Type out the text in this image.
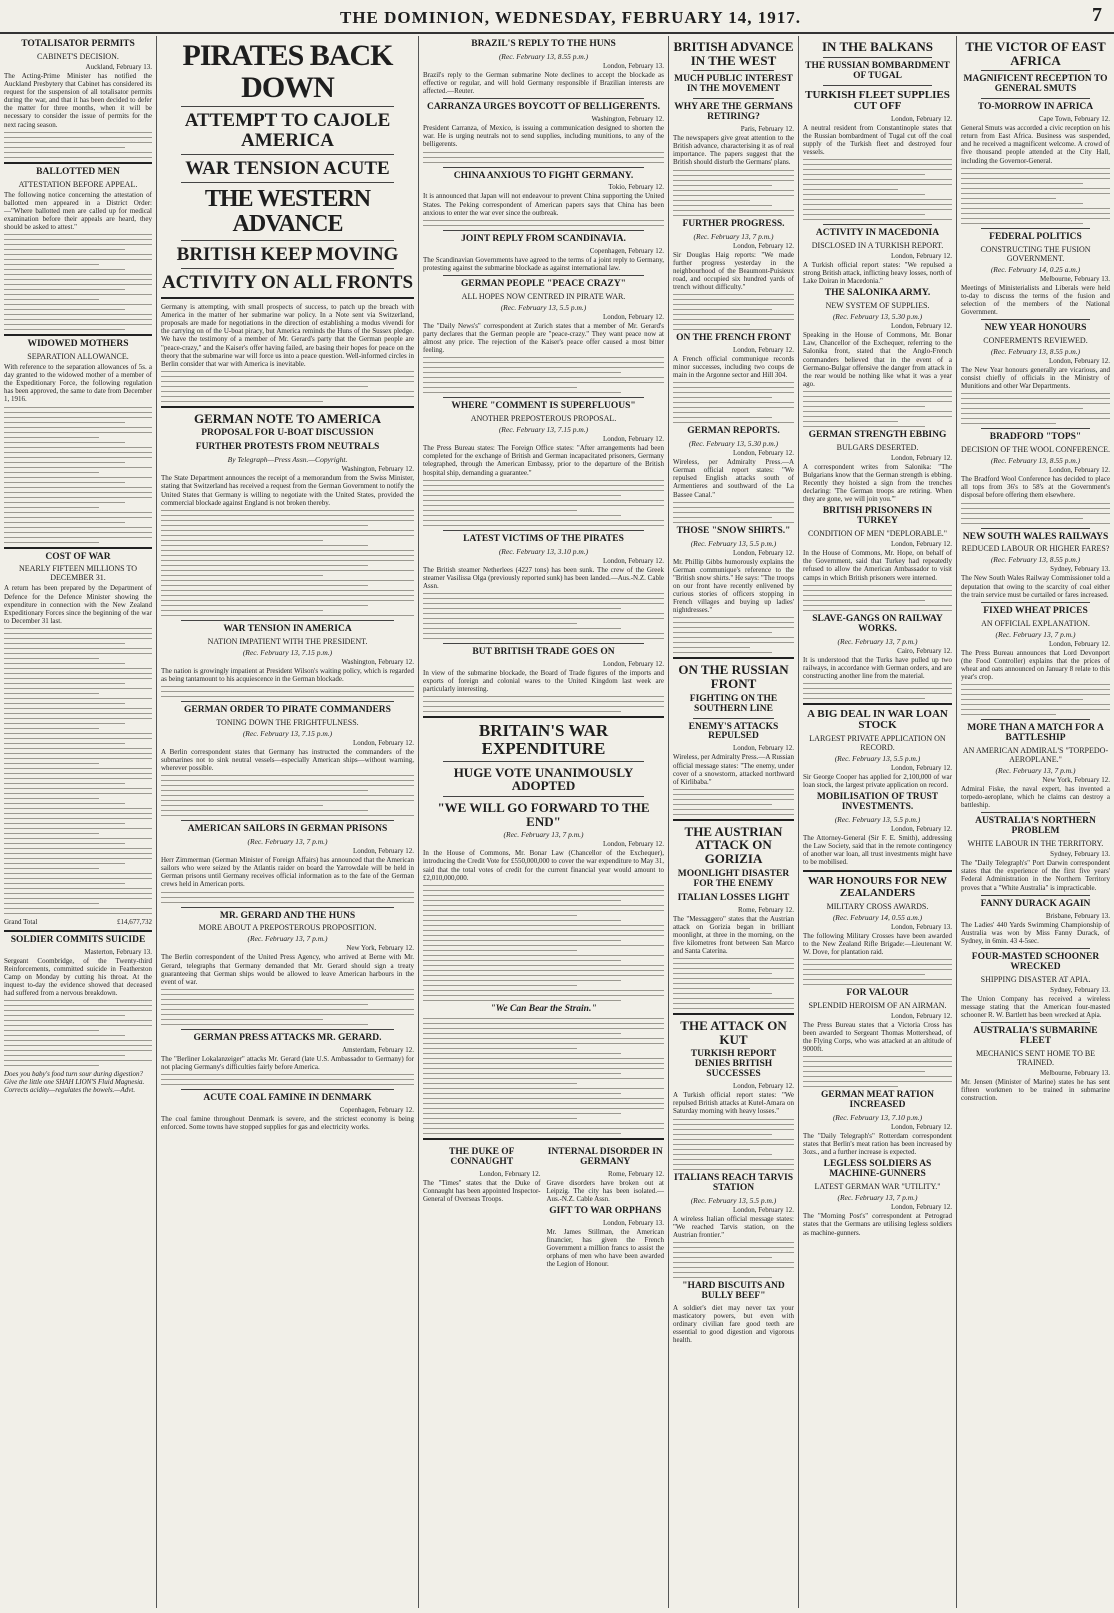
THE DOMINION, WEDNESDAY, FEBRUARY 14, 1917.	7
TOTALISATOR PERMITS
CABINET'S DECISION.
Auckland, February 13.

The Acting-Prime Minister has notified the Auckland Presbytery that Cabinet has considered its request for the suspension of all totalisator permits during the war, and that it has been decided to defer the matter for three months, when it will be necessary to consider the issue of permits for the next racing season.

BALLOTTED MEN
ATTESTATION BEFORE APPEAL.

The following notice concerning the attestation of ballotted men appeared in a District Order:—"Where ballotted men are called up for medical examination before their appeals are heard, they should be asked to attest."

WIDOWED MOTHERS
SEPARATION ALLOWANCE.

With reference to the separation allowances of 5s. a day granted to the widowed mother of a member of the Expeditionary Force, the following regulation has been approved, the same to date from December 1, 1916.

COST OF WAR
NEARLY FIFTEEN MILLIONS TO DECEMBER 31.

A return has been prepared by the Department of Defence for the Defence Minister showing the expenditure in connection with the New Zealand Expeditionary Forces since the beginning of the war to December 31 last.

Grand Total	£14,677,732
SOLDIER COMMITS SUICIDE
Masterton, February 13.

Sergeant Coombridge, of the Twenty-third Reinforcements, committed suicide in Featherston Camp on Monday by cutting his throat. At the inquest to-day the evidence showed that deceased had suffered from a nervous breakdown.

Does you baby's food turn sour during digestion? Give the little one SHAH LION'S Fluid Magnesia. Corrects acidity—regulates the bowels.—Advt.

PIRATES BACK DOWN
ATTEMPT TO CAJOLE AMERICA
WAR TENSION ACUTE
THE WESTERN ADVANCE
BRITISH KEEP MOVING
ACTIVITY ON ALL FRONTS

Germany is attempting, with small prospects of success, to patch up the breach with America in the matter of her submarine war policy. In a Note sent via Switzerland, proposals are made for negotiations in the direction of establishing a modus vivendi for the carrying on of the U-boat piracy, but America reminds the Huns of the Sussex pledge. We have the testimony of a member of Mr. Gerard's party that the German people are "peace-crazy," and the Kaiser's offer having failed, are basing their hopes for peace on the theory that the submarine war will force us into a peace question. Well-informed circles in Berlin consider that war with America is inevitable.

GERMAN NOTE TO AMERICA
PROPOSAL FOR U-BOAT DISCUSSION
FURTHER PROTESTS FROM NEUTRALS
By Telegraph—Press Assn.—Copyright.
Washington, February 12.

The State Department announces the receipt of a memorandum from the Swiss Minister, stating that Switzerland has received a request from the German Government to notify the United States that Germany is willing to negotiate with the United States, provided the commercial blockade against England is not broken thereby.

WAR TENSION IN AMERICA
NATION IMPATIENT WITH THE PRESIDENT.
(Rec. February 13, 7.15 p.m.)
Washington, February 12.

The nation is growingly impatient at President Wilson's waiting policy, which is regarded as being tantamount to his acquiescence in the German blockade.

GERMAN ORDER TO PIRATE COMMANDERS
TONING DOWN THE FRIGHTFULNESS.
(Rec. February 13, 7.15 p.m.)
London, February 12.

A Berlin correspondent states that Germany has instructed the commanders of the submarines not to sink neutral vessels—especially American ships—without warning, wherever possible.

AMERICAN SAILORS IN GERMAN PRISONS
(Rec. February 13, 7 p.m.)
London, February 12.

Herr Zimmerman (German Minister of Foreign Affairs) has announced that the American sailors who were seized by the Atlantis raider on board the Yarrowdale will be held in German prisons until Germany receives official information as to the fate of the German crews held in American ports.

MR. GERARD AND THE HUNS
MORE ABOUT A PREPOSTEROUS PROPOSITION.
(Rec. February 13, 7 p.m.)
New York, February 12.

The Berlin correspondent of the United Press Agency, who arrived at Berne with Mr. Gerard, telegraphs that Germany demanded that Mr. Gerard should sign a treaty guaranteeing that German ships would be allowed to leave American harbours in the event of war.

GERMAN PRESS ATTACKS MR. GERARD.
Amsterdam, February 12.

The "Berliner Lokalanzeiger" attacks Mr. Gerard (late U.S. Ambassador to Germany) for not placing Germany's difficulties fairly before America.

ACUTE COAL FAMINE IN DENMARK
Copenhagen, February 12.

The coal famine throughout Denmark is severe, and the strictest economy is being enforced. Some towns have stopped supplies for gas and electricity works.

BRAZIL'S REPLY TO THE HUNS
(Rec. February 13, 8.55 p.m.)
London, February 13.

Brazil's reply to the German submarine Note declines to accept the blockade as effective or regular, and will hold Germany responsible if Brazilian interests are affected.—Reuter.

CARRANZA URGES BOYCOTT OF BELLIGERENTS.
Washington, February 12.

President Carranza, of Mexico, is issuing a communication designed to shorten the war. He is urging neutrals not to send supplies, including munitions, to any of the belligerents.

CHINA ANXIOUS TO FIGHT GERMANY.
Tokio, February 12.

It is announced that Japan will not endeavour to prevent China supporting the United States. The Peking correspondent of American papers says that China has been anxious to enter the war ever since the outbreak.

JOINT REPLY FROM SCANDINAVIA.
Copenhagen, February 12.

The Scandinavian Governments have agreed to the terms of a joint reply to Germany, protesting against the submarine blockade as against international law.

GERMAN PEOPLE "PEACE CRAZY"
ALL HOPES NOW CENTRED IN PIRATE WAR.
(Rec. February 13, 5.5 p.m.)
London, February 12.

The "Daily News's" correspondent at Zurich states that a member of Mr. Gerard's party declares that the German people are "peace-crazy." They want peace now at almost any price. The rejection of the Kaiser's peace offer caused a most bitter feeling.

WHERE "COMMENT IS SUPERFLUOUS"
ANOTHER PREPOSTEROUS PROPOSAL.
(Rec. February 13, 7.15 p.m.)
London, February 12.

The Press Bureau states: The Foreign Office states: "After arrangements had been completed for the exchange of British and German incapacitated prisoners, Germany telegraphed, through the American Embassy, prior to the departure of the British hospital ship, demanding a guarantee."

LATEST VICTIMS OF THE PIRATES
(Rec. February 13, 3.10 p.m.)
London, February 12.

The British steamer Netherlees (4227 tons) has been sunk. The crew of the Greek steamer Vasilissa Olga (previously reported sunk) has been landed.—Aus.-N.Z. Cable Assn.

BUT BRITISH TRADE GOES ON
London, February 12.

In view of the submarine blockade, the Board of Trade figures of the imports and exports of foreign and colonial wares to the United Kingdom last week are particularly interesting.

BRITAIN'S WAR EXPENDITURE
HUGE VOTE UNANIMOUSLY ADOPTED
"WE WILL GO FORWARD TO THE END"
(Rec. February 13, 7 p.m.)
London, February 12.

In the House of Commons, Mr. Bonar Law (Chancellor of the Exchequer), introducing the Credit Vote for £550,000,000 to cover the war expenditure to May 31, said that the total votes of credit for the current financial year would amount to £2,010,000,000.

"We Can Bear the Strain."
THE DUKE OF CONNAUGHT
London, February 12.

The "Times" states that the Duke of Connaught has been appointed Inspector-General of Overseas Troops.

INTERNAL DISORDER IN GERMANY
Rome, February 12.

Grave disorders have broken out at Leipzig. The city has been isolated.—Aus.-N.Z. Cable Assn.

GIFT TO WAR ORPHANS
London, February 13.

Mr. James Stillman, the American financier, has given the French Government a million francs to assist the orphans of men who have been awarded the Legion of Honour.

BRITISH ADVANCE IN THE WEST
MUCH PUBLIC INTEREST IN THE MOVEMENT
WHY ARE THE GERMANS RETIRING?
Paris, February 12.

The newspapers give great attention to the British advance, characterising it as of real importance. The papers suggest that the British should disturb the Germans' plans.

FURTHER PROGRESS.
(Rec. February 13, 7 p.m.)
London, February 12.

Sir Douglas Haig reports: "We made further progress yesterday in the neighbourhood of the Beaumont-Puisieux road, and occupied six hundred yards of trench without difficulty."

ON THE FRENCH FRONT
London, February 12.

A French official communique records minor successes, including two coups de main in the Argonne sector and Hill 304.

GERMAN REPORTS.
(Rec. February 13, 5.30 p.m.)
London, February 12.

Wireless, per Admiralty Press.—A German official report states: "We repulsed English attacks south of Armentieres and southward of the La Bassee Canal."

THOSE "SNOW SHIRTS."
(Rec. February 13, 5.5 p.m.)
London, February 12.

Mr. Phillip Gibbs humorously explains the German communique's reference to the "British snow shirts." He says: "The troops on our front have recently enlivened by curious stories of officers stopping in French villages and buying up ladies' nightdresses."

ON THE RUSSIAN FRONT
FIGHTING ON THE SOUTHERN LINE
ENEMY'S ATTACKS REPULSED
London, February 12.

Wireless, per Admiralty Press.—A Russian official message states: "The enemy, under cover of a snowstorm, attacked northward of Kirlibaba."

THE AUSTRIAN ATTACK ON GORIZIA
MOONLIGHT DISASTER FOR THE ENEMY
ITALIAN LOSSES LIGHT
Rome, February 12.

The "Messaggero" states that the Austrian attack on Gorizia began in brilliant moonlight, at three in the morning, on the five kilometres front between San Marco and Santa Caterina.

THE ATTACK ON KUT
TURKISH REPORT DENIES BRITISH SUCCESSES
London, February 12.

A Turkish official report states: "We repulsed British attacks at Kutel-Amara on Saturday morning with heavy losses."

ITALIANS REACH TARVIS STATION
(Rec. February 13, 5.5 p.m.)
London, February 12.

A wireless Italian official message states: "We reached Tarvis station, on the Austrian frontier."

"HARD BISCUITS AND BULLY BEEF"

A soldier's diet may never tax your masticatory powers, but even with ordinary civilian fare good teeth are essential to good digestion and vigorous health.

IN THE BALKANS
THE RUSSIAN BOMBARDMENT OF TUGAL
TURKISH FLEET SUPPLIES CUT OFF
London, February 12.

A neutral resident from Constantinople states that the Russian bombardment of Tugal cut off the coal supply of the Turkish fleet and destroyed four vessels.

ACTIVITY IN MACEDONIA
DISCLOSED IN A TURKISH REPORT.
London, February 12.

A Turkish official report states: "We repulsed a strong British attack, inflicting heavy losses, north of Lake Doiran in Macedonia."

THE SALONIKA ARMY.
NEW SYSTEM OF SUPPLIES.
(Rec. February 13, 5.30 p.m.)
London, February 12.

Speaking in the House of Commons, Mr. Bonar Law, Chancellor of the Exchequer, referring to the Salonika front, stated that the Anglo-French commanders believed that in the event of a Germano-Bulgar offensive the danger from attack in the rear would be nothing like what it was a year ago.

GERMAN STRENGTH EBBING
BULGARS DESERTED.
London, February 12.

A correspondent writes from Salonika: "The Bulgarians know that the German strength is ebbing. Recently they hoisted a sign from the trenches declaring: 'The German troops are retiring. When they are gone, we will join you.'"

BRITISH PRISONERS IN TURKEY
CONDITION OF MEN "DEPLORABLE."
London, February 12.

In the House of Commons, Mr. Hope, on behalf of the Government, said that Turkey had repeatedly refused to allow the American Ambassador to visit camps in which British prisoners were interned.

SLAVE-GANGS ON RAILWAY WORKS.
(Rec. February 13, 7 p.m.)
Cairo, February 12.

It is understood that the Turks have pulled up two railways, in accordance with German orders, and are constructing another line from the material.

A BIG DEAL IN WAR LOAN STOCK
LARGEST PRIVATE APPLICATION ON RECORD.
(Rec. February 13, 5.5 p.m.)
London, February 12.

Sir George Cooper has applied for 2,100,000 of war loan stock, the largest private application on record.

MOBILISATION OF TRUST INVESTMENTS.
(Rec. February 13, 5.5 p.m.)
London, February 12.

The Attorney-General (Sir F. E. Smith), addressing the Law Society, said that in the remote contingency of another war loan, all trust investments might have to be mobilised.

WAR HONOURS FOR NEW ZEALANDERS
MILITARY CROSS AWARDS.
(Rec. February 14, 0.55 a.m.)
London, February 13.

The following Military Crosses have been awarded to the New Zealand Rifle Brigade:—Lieutenant W. W. Dove, for plantation raid.

FOR VALOUR
SPLENDID HEROISM OF AN AIRMAN.
London, February 12.

The Press Bureau states that a Victoria Cross has been awarded to Sergeant Thomas Mottershead, of the Flying Corps, who was attacked at an altitude of 9000ft.

GERMAN MEAT RATION INCREASED
(Rec. February 13, 7.10 p.m.)
London, February 12.

The "Daily Telegraph's" Rotterdam correspondent states that Berlin's meat ration has been increased by 3ozs., and a further increase is expected.

LEGLESS SOLDIERS AS MACHINE-GUNNERS
LATEST GERMAN WAR "UTILITY."
(Rec. February 13, 7 p.m.)
London, February 12.

The "Morning Post's" correspondent at Petrograd states that the Germans are utilising legless soldiers as machine-gunners.

THE VICTOR OF EAST AFRICA
MAGNIFICENT RECEPTION TO GENERAL SMUTS
TO-MORROW IN AFRICA
Cape Town, February 12.

General Smuts was accorded a civic reception on his return from East Africa. Business was suspended, and he received a magnificent welcome. A crowd of five thousand people attended at the City Hall, including the Governor-General.

FEDERAL POLITICS
CONSTRUCTING THE FUSION GOVERNMENT.
(Rec. February 14, 0.25 a.m.)
Melbourne, February 13.

Meetings of Ministerialists and Liberals were held to-day to discuss the terms of the fusion and selection of the members of the National Government.

NEW YEAR HONOURS
CONFERMENTS REVIEWED.
(Rec. February 13, 8.55 p.m.)
London, February 12.

The New Year honours generally are vicarious, and consist chiefly of officials in the Ministry of Munitions and other War Departments.

BRADFORD "TOPS"
DECISION OF THE WOOL CONFERENCE.
(Rec. February 13, 8.55 p.m.)
London, February 12.

The Bradford Wool Conference has decided to place all tops from 36's to 58's at the Government's disposal before offering them elsewhere.

NEW SOUTH WALES RAILWAYS
REDUCED LABOUR OR HIGHER FARES?
(Rec. February 13, 8.55 p.m.)
Sydney, February 13.

The New South Wales Railway Commissioner told a deputation that owing to the scarcity of coal either the train service must be curtailed or fares increased.

FIXED WHEAT PRICES
AN OFFICIAL EXPLANATION.
(Rec. February 13, 7 p.m.)
London, February 12.

The Press Bureau announces that Lord Devonport (the Food Controller) explains that the prices of wheat and oats announced on January 8 relate to this year's crop.

MORE THAN A MATCH FOR A BATTLESHIP
AN AMERICAN ADMIRAL'S "TORPEDO-AEROPLANE."
(Rec. February 13, 7 p.m.)
New York, February 12.

Admiral Fiske, the naval expert, has invented a torpedo-aeroplane, which he claims can destroy a battleship.

AUSTRALIA'S NORTHERN PROBLEM
WHITE LABOUR IN THE TERRITORY.
Sydney, February 13.

The "Daily Telegraph's" Port Darwin correspondent states that the experience of the first five years' Federal Administration in the Northern Territory proves that a "White Australia" is impracticable.

FANNY DURACK AGAIN
Brisbane, February 13.

The Ladies' 440 Yards Swimming Championship of Australia was won by Miss Fanny Durack, of Sydney, in 6min. 43 4-5sec.

FOUR-MASTED SCHOONER WRECKED
SHIPPING DISASTER AT APIA.
Sydney, February 13.

The Union Company has received a wireless message stating that the American four-masted schooner R. W. Bartlett has been wrecked at Apia.

AUSTRALIA'S SUBMARINE FLEET
MECHANICS SENT HOME TO BE TRAINED.
Melbourne, February 13.

Mr. Jensen (Minister of Marine) states he has sent fifteen workmen to be trained in submarine construction.
